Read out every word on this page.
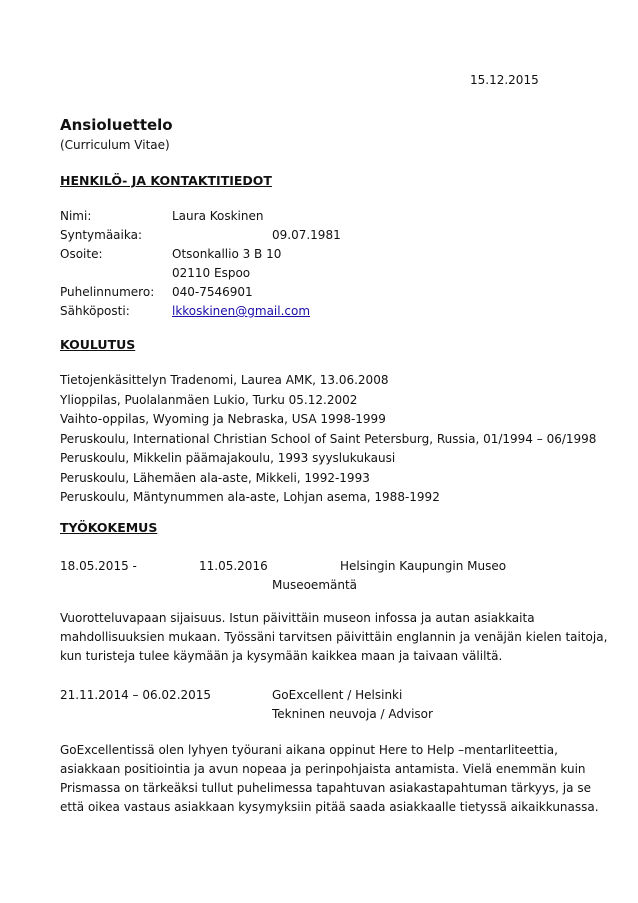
15.12.2015
Ansioluettelo
(Curriculum Vitae)
HENKILÖ- JA KONTAKTITIEDOT
Nimi:	Laura Koskinen
Syntymäaika:	09.07.1981
Osoite:	Otsonkallio 3 B 10
02110 Espoo
Puhelinnumero: 040-7546901
Sähköposti:	lkkoskinen@gmail.com
KOULUTUS
Tietojenkäsittelyn Tradenomi, Laurea AMK, 13.06.2008
Ylioppilas, Puolalanmäen Lukio, Turku 05.12.2002
Vaihto-oppilas, Wyoming ja Nebraska, USA 1998-1999
Peruskoulu, International Christian School of Saint Petersburg, Russia, 01/1994 – 06/1998
Peruskoulu, Mikkelin päämajakoulu, 1993 syyslukukausi
Peruskoulu, Lähemäen ala-aste, Mikkeli, 1992-1993
Peruskoulu, Mäntynummen ala-aste, Lohjan asema, 1988-1992
TYÖKOKEMUS
18.05.2015 -	11.05.2016	Helsingin Kaupungin Museo
Museoemäntä
Vuorotteluvapaan sijaisuus. Istun päivittäin museon infossa ja autan asiakkaita
mahdollisuuksien mukaan. Työssäni tarvitsen päivittäin englannin ja venäjän kielen taitoja,
kun turisteja tulee käymään ja kysymään kaikkea maan ja taivaan väliltä.
21.11.2014 – 06.02.2015	GoExcellent / Helsinki
Tekninen neuvoja / Advisor
GoExcellentissä olen lyhyen työurani aikana oppinut Here to Help –mentarliteettia,
asiakkaan positiointia ja avun nopeaa ja perinpohjaista antamista. Vielä enemmän kuin
Prismassa on tärkeäksi tullut puhelimessa tapahtuvan asiakastapahtuman tärkyys, ja se
että oikea vastaus asiakkaan kysymyksiin pitää saada asiakkaalle tietyssä aikaikkunassa.
